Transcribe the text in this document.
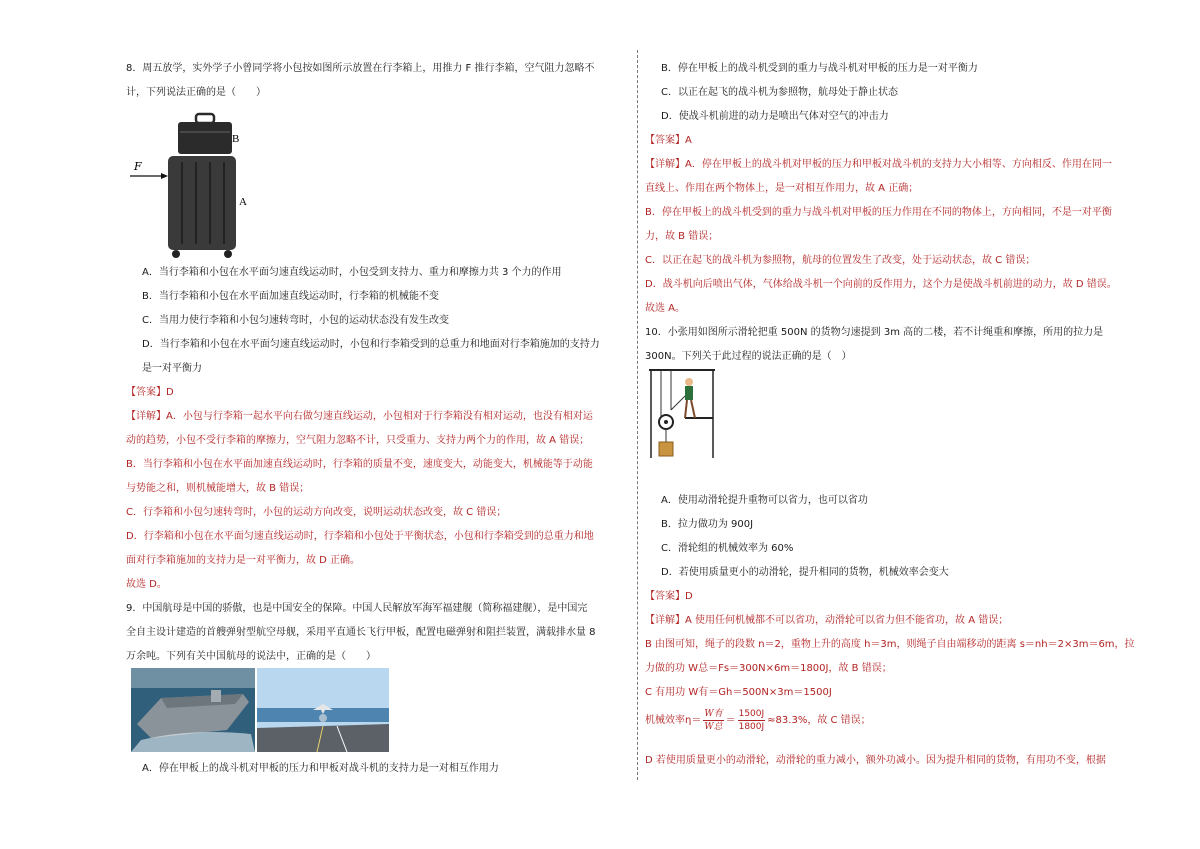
8．周五放学，实外学子小曾同学将小包按如图所示放置在行李箱上，用推力 F 推行李箱，空气阻力忽略不
计，下列说法正确的是（　　）
F
A
B
A．当行李箱和小包在水平面匀速直线运动时，小包受到支持力、重力和摩擦力共 3 个力的作用
B．当行李箱和小包在水平面加速直线运动时，行李箱的机械能不变
C．当用力使行李箱和小包匀速转弯时，小包的运动状态没有发生改变
D．当行李箱和小包在水平面匀速直线运动时，小包和行李箱受到的总重力和地面对行李箱施加的支持力
是一对平衡力
【答案】D
【详解】A．小包与行李箱一起水平向右做匀速直线运动，小包相对于行李箱没有相对运动，也没有相对运
动的趋势，小包不受行李箱的摩擦力，空气阻力忽略不计，只受重力、支持力两个力的作用，故 A 错误；
B．当行李箱和小包在水平面加速直线运动时，行李箱的质量不变，速度变大，动能变大，机械能等于动能
与势能之和，则机械能增大，故 B 错误；
C．行李箱和小包匀速转弯时，小包的运动方向改变，说明运动状态改变，故 C 错误；
D．行李箱和小包在水平面匀速直线运动时，行李箱和小包处于平衡状态，小包和行李箱受到的总重力和地
面对行李箱施加的支持力是一对平衡力，故 D 正确。
故选 D。
9．中国航母是中国的骄傲，也是中国安全的保障。中国人民解放军海军福建舰（简称福建舰），是中国完
全自主设计建造的首艘弹射型航空母舰，采用平直通长飞行甲板，配置电磁弹射和阻拦装置，满载排水量 8
万余吨。下列有关中国航母的说法中，正确的是（　　）
A．停在甲板上的战斗机对甲板的压力和甲板对战斗机的支持力是一对相互作用力
B．停在甲板上的战斗机受到的重力与战斗机对甲板的压力是一对平衡力
C．以正在起飞的战斗机为参照物，航母处于静止状态
D．使战斗机前进的动力是喷出气体对空气的冲击力
【答案】A
【详解】A．停在甲板上的战斗机对甲板的压力和甲板对战斗机的支持力大小相等、方向相反、作用在同一
直线上、作用在两个物体上，是一对相互作用力，故 A 正确；
B．停在甲板上的战斗机受到的重力与战斗机对甲板的压力作用在不同的物体上，方向相同，不是一对平衡
力，故 B 错误；
C．以正在起飞的战斗机为参照物，航母的位置发生了改变，处于运动状态，故 C 错误；
D．战斗机向后喷出气体，气体给战斗机一个向前的反作用力，这个力是使战斗机前进的动力，故 D 错误。
故选 A。
10．小张用如图所示滑轮把重 500N 的货物匀速提到 3m 高的二楼，若不计绳重和摩擦，所用的拉力是
300N。下列关于此过程的说法正确的是（　）
A．使用动滑轮提升重物可以省力，也可以省功
B．拉力做功为 900J
C．滑轮组的机械效率为 60%
D．若使用质量更小的动滑轮，提升相同的货物，机械效率会变大
【答案】D
【详解】A 使用任何机械都不可以省功，动滑轮可以省力但不能省功，故 A 错误；
B 由图可知，绳子的段数 n＝2，重物上升的高度 h＝3m，则绳子自由端移动的距离 s＝nh＝2×3m＝6m，拉
力做的功 W总＝Fs＝300N×6m＝1800J，故 B 错误；
C 有用功 W有＝Gh＝500N×3m＝1500J
机械效率η＝
W有
W总
＝ $\frac{1500J}{1800J} \approx 83.3\%$，故 C 错误；
D 若使用质量更小的动滑轮，动滑轮的重力减小，额外功减小。因为提升相同的货物，有用功不变，根据
